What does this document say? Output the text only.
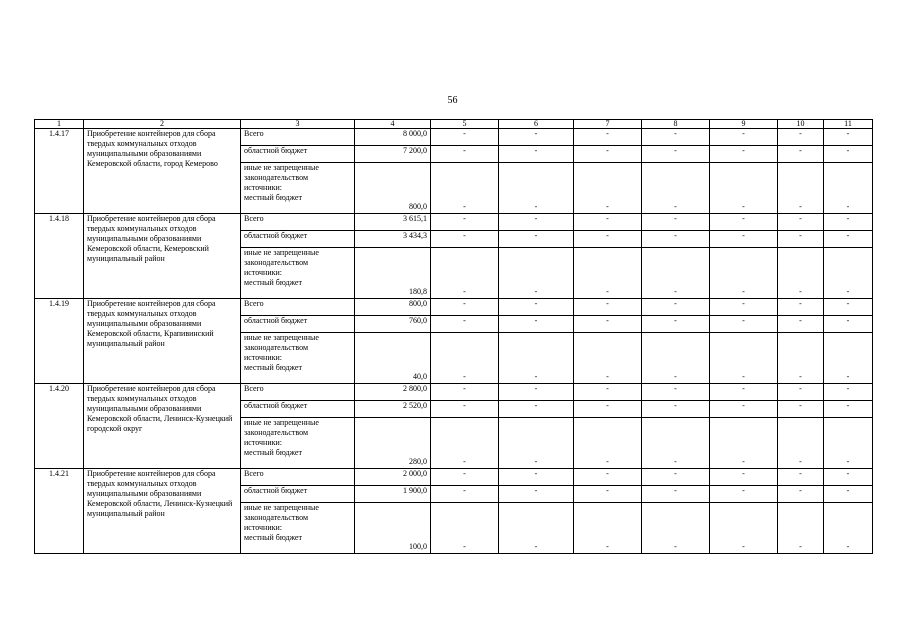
56
1	2	3	4	5	6	7	8	9	10	11
1.4.17	Приобретение контейнеров для сбора твердых коммунальных отходов муниципальными образованиями Кемеровской области, город Кемерово	Всего	8 000,0	-	-	-	-	-	-	-
		областной бюджет	7 200,0	-	-	-	-	-	-	-

		иные не запрещенные
законодательством
источники:
местный бюджет	800,0	-	-	-	-	-	-	-
1.4.18	Приобретение контейнеров для сбора твердых коммунальных отходов муниципальными образованиями Кемеровской области, Кемеровский муниципальный район	Всего	3 615,1	-	-	-	-	-	-	-
		областной бюджет	3 434,3	-	-	-	-	-	-	-

		иные не запрещенные
законодательством
источники:
местный бюджет	180,8	-	-	-	-	-	-	-
1.4.19	Приобретение контейнеров для сбора твердых коммунальных отходов муниципальными образованиями Кемеровской области, Крапивинский муниципальный район	Всего	800,0	-	-	-	-	-	-	-
		областной бюджет	760,0	-	-	-	-	-	-	-

		иные не запрещенные
законодательством
источники:
местный бюджет	40,0	-	-	-	-	-	-	-
1.4.20	Приобретение контейнеров для сбора твердых коммунальных отходов муниципальными образованиями Кемеровской области, Ленинск-Кузнецкий городской округ	Всего	2 800,0	-	-	-	-	-	-	-
		областной бюджет	2 520,0	-	-	-	-	-	-	-

		иные не запрещенные
законодательством
источники:
местный бюджет	280,0	-	-	-	-	-	-	-
1.4.21	Приобретение контейнеров для сбора твердых коммунальных отходов муниципальными образованиями Кемеровской области, Ленинск-Кузнецкий муниципальный район	Всего	2 000,0	-	-	-	-	-	-	-
		областной бюджет	1 900,0	-	-	-	-	-	-	-

		иные не запрещенные
законодательством
источники:
местный бюджет	100,0	-	-	-	-	-	-	-
